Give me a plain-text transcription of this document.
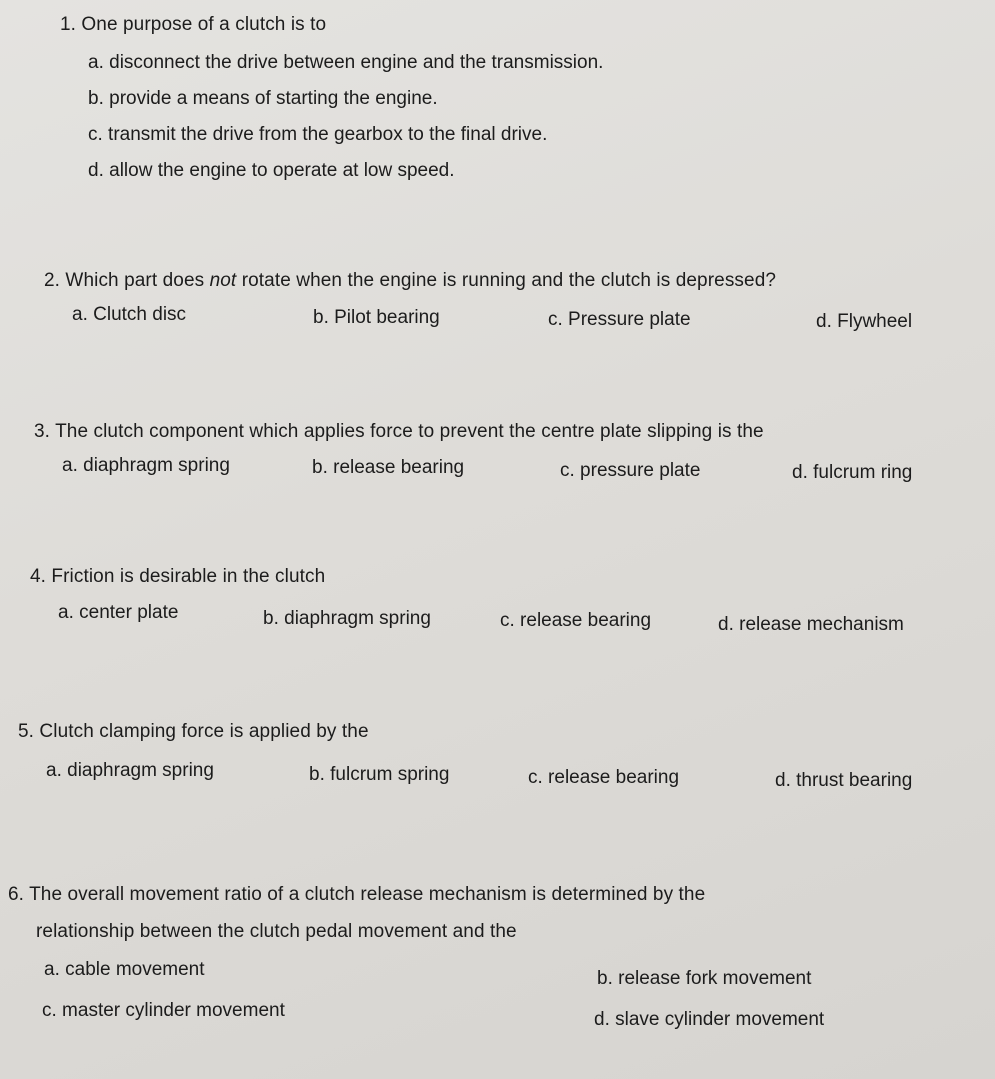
1. One purpose of a clutch is to
a. disconnect the drive between engine and the transmission.
b. provide a means of starting the engine.
c. transmit the drive from the gearbox to the final drive.
d. allow the engine to operate at low speed.
2. Which part does not rotate when the engine is running and the clutch is depressed?
a. Clutch disc	b. Pilot bearing	c. Pressure plate	d. Flywheel
3. The clutch component which applies force to prevent the centre plate slipping is the
a. diaphragm spring	b. release bearing	c. pressure plate	d. fulcrum ring
4. Friction is desirable in the clutch
a. center plate	b. diaphragm spring	c. release bearing	d. release mechanism
5. Clutch clamping force is applied by the
a. diaphragm spring	b. fulcrum spring	c. release bearing	d. thrust bearing
6. The overall movement ratio of a clutch release mechanism is determined by the
relationship between the clutch pedal movement and the
a. cable movement	b. release fork movement
c. master cylinder movement	d. slave cylinder movement
